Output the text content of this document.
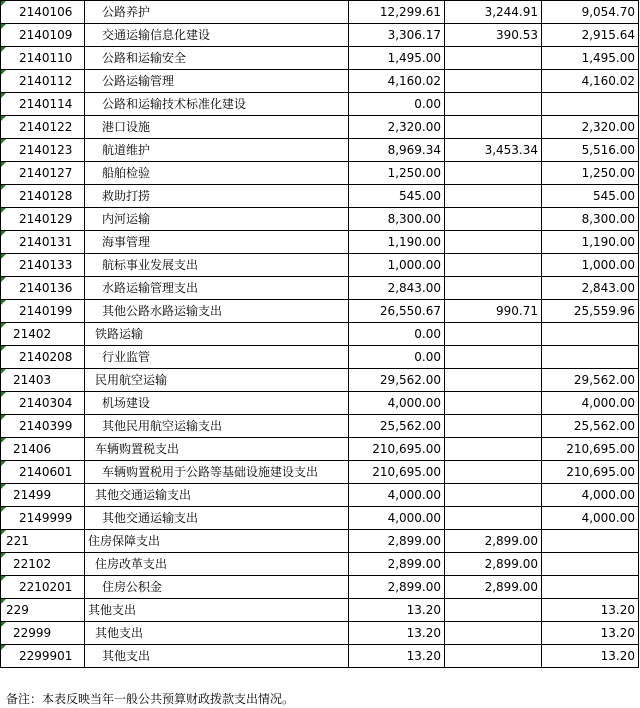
2140106	公路养护	12,299.61	3,244.91	9,054.70
2140109	交通运输信息化建设	3,306.17	390.53	2,915.64
2140110	公路和运输安全	1,495.00		1,495.00
2140112	公路运输管理	4,160.02		4,160.02
2140114	公路和运输技术标准化建设	0.00		
2140122	港口设施	2,320.00		2,320.00
2140123	航道维护	8,969.34	3,453.34	5,516.00
2140127	船舶检验	1,250.00		1,250.00
2140128	救助打捞	545.00		545.00
2140129	内河运输	8,300.00		8,300.00
2140131	海事管理	1,190.00		1,190.00
2140133	航标事业发展支出	1,000.00		1,000.00
2140136	水路运输管理支出	2,843.00		2,843.00
2140199	其他公路水路运输支出	26,550.67	990.71	25,559.96
21402	铁路运输	0.00		
2140208	行业监管	0.00		
21403	民用航空运输	29,562.00		29,562.00
2140304	机场建设	4,000.00		4,000.00
2140399	其他民用航空运输支出	25,562.00		25,562.00
21406	车辆购置税支出	210,695.00		210,695.00
2140601	车辆购置税用于公路等基础设施建设支出	210,695.00		210,695.00
21499	其他交通运输支出	4,000.00		4,000.00
2149999	其他交通运输支出	4,000.00		4,000.00
221	住房保障支出	2,899.00	2,899.00	
22102	住房改革支出	2,899.00	2,899.00	
2210201	住房公积金	2,899.00	2,899.00	
229	其他支出	13.20		13.20
22999	其他支出	13.20		13.20
2299901	其他支出	13.20		13.20
备注：本表反映当年一般公共预算财政拨款支出情况。
